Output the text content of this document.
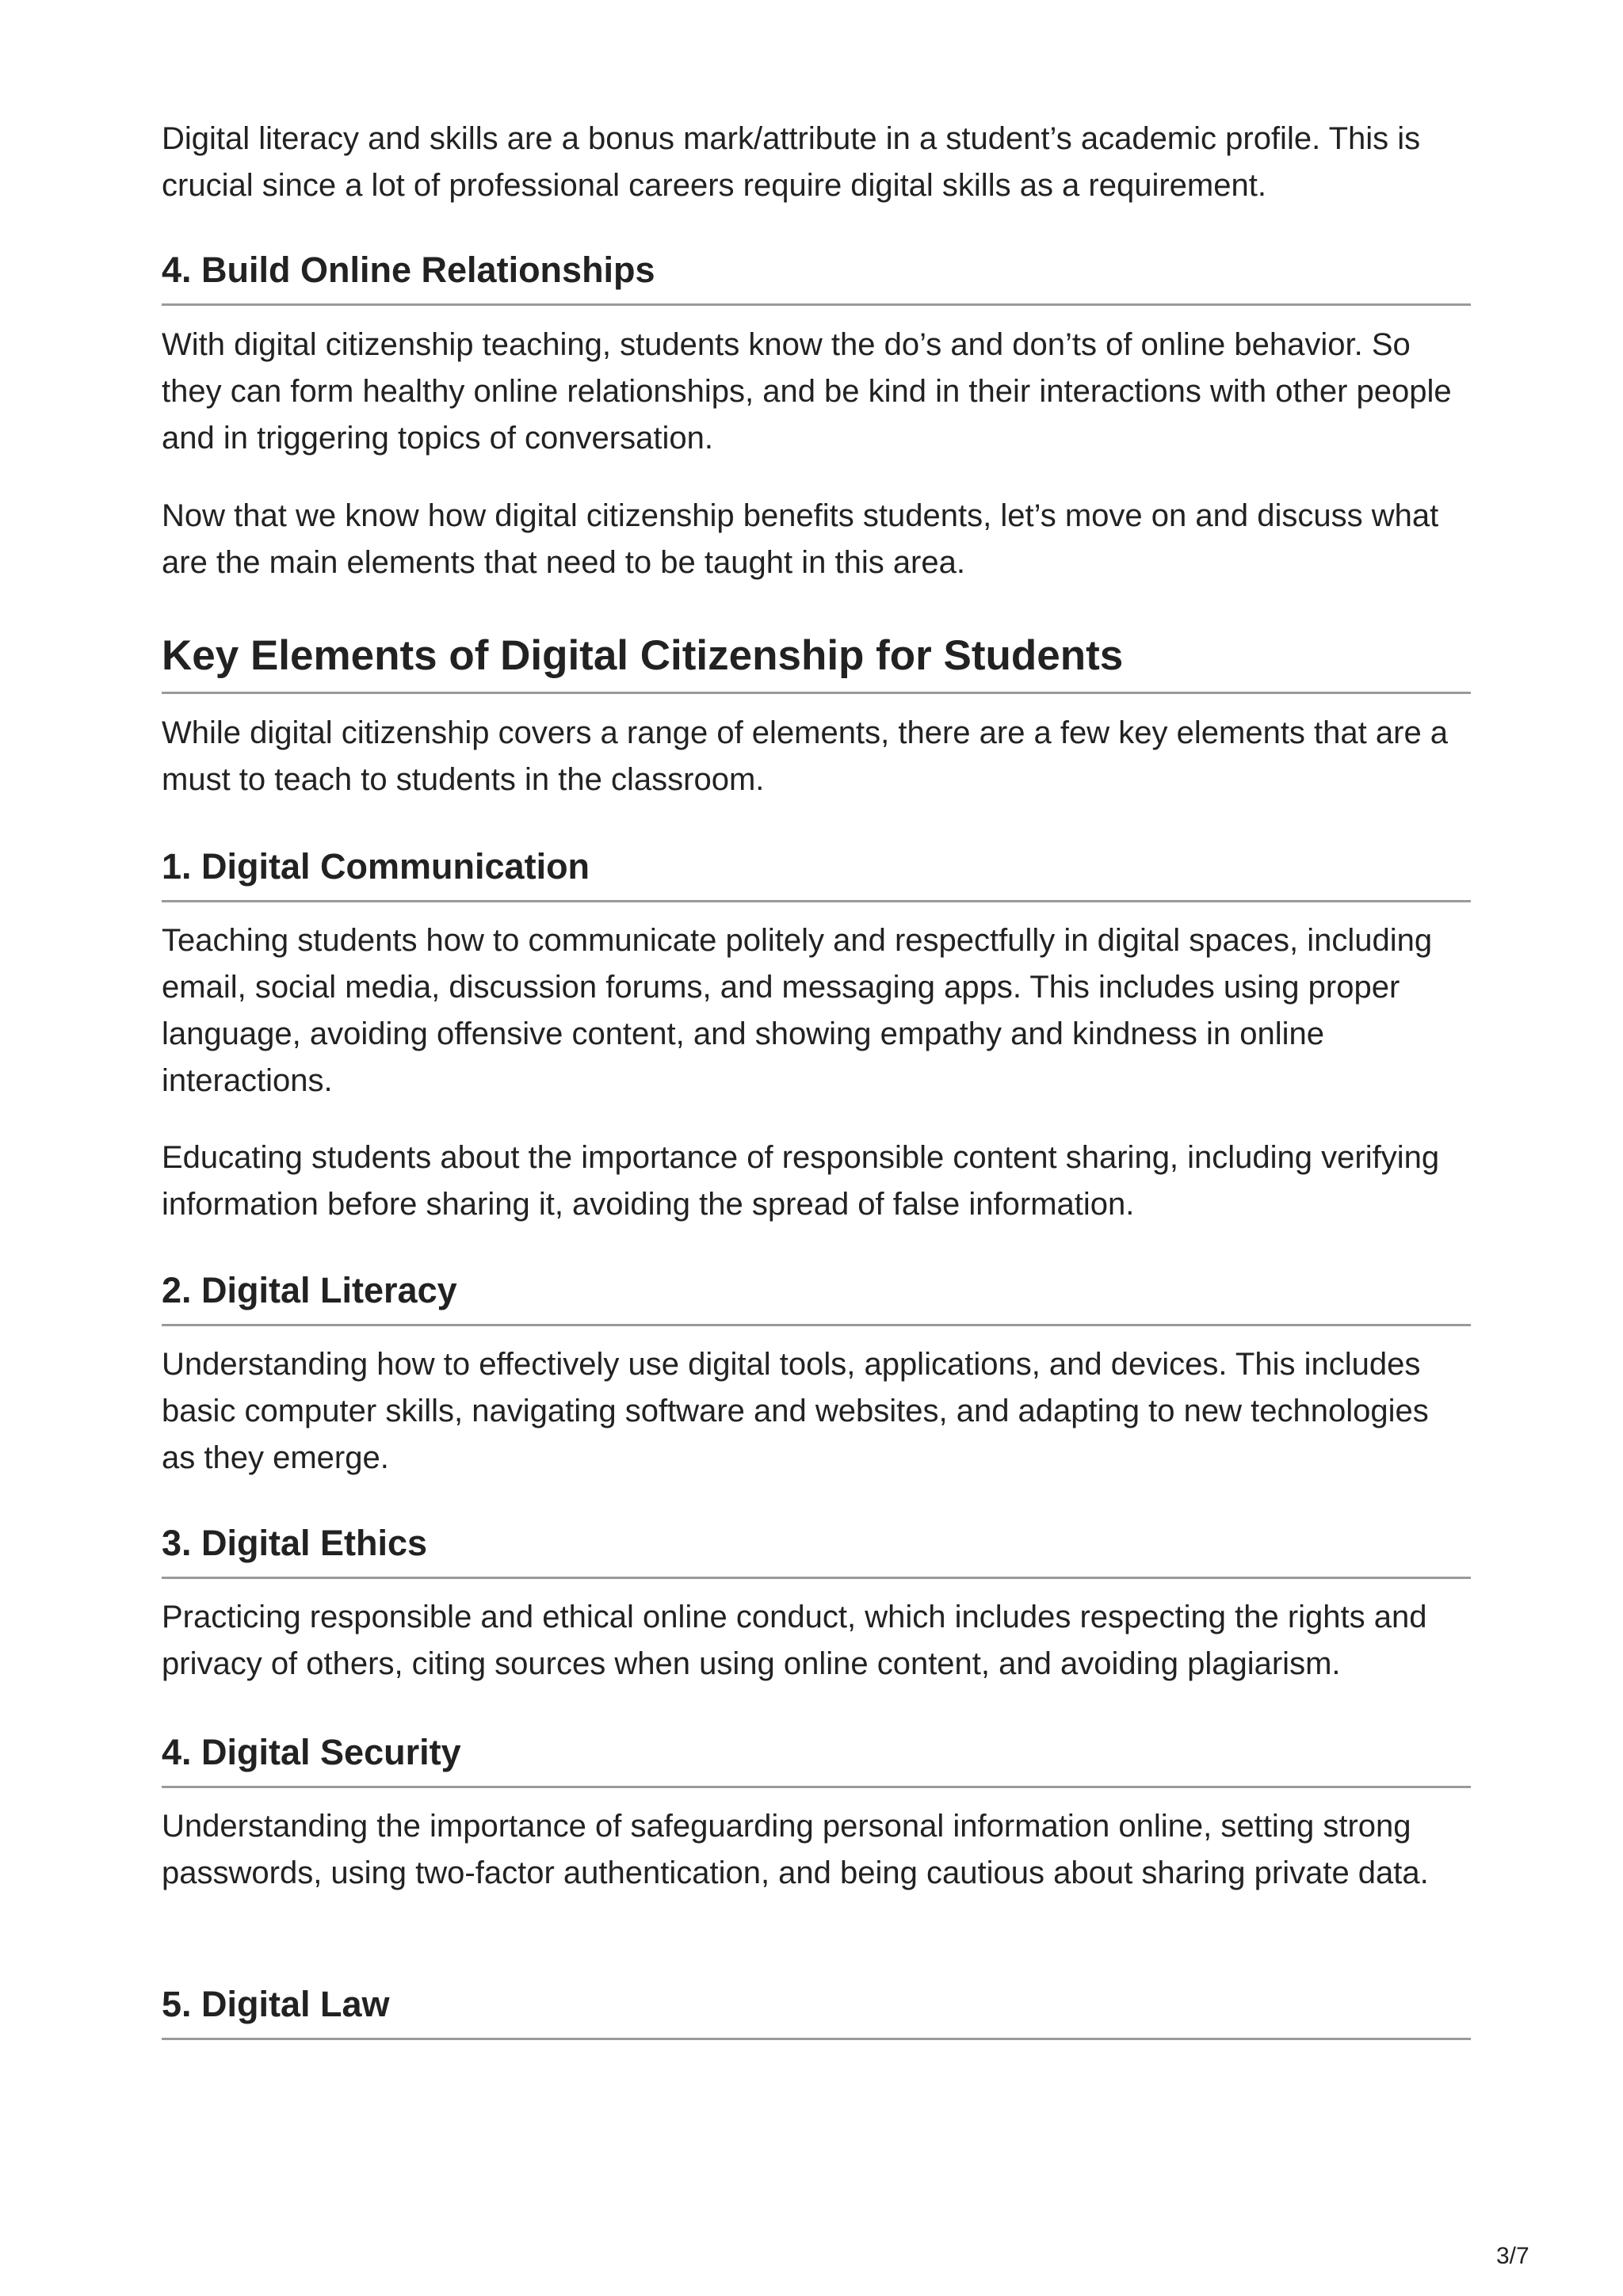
Digital literacy and skills are a bonus mark/attribute in a student’s academic profile. This is crucial since a lot of professional careers require digital skills as a requirement.

4. Build Online Relationships

With digital citizenship teaching, students know the do’s and don’ts of online behavior. So they can form healthy online relationships, and be kind in their interactions with other people and in triggering topics of conversation.

Now that we know how digital citizenship benefits students, let’s move on and discuss what are the main elements that need to be taught in this area.

Key Elements of Digital Citizenship for Students

While digital citizenship covers a range of elements, there are a few key elements that are a must to teach to students in the classroom.

1. Digital Communication

Teaching students how to communicate politely and respectfully in digital spaces, including email, social media, discussion forums, and messaging apps. This includes using proper language, avoiding offensive content, and showing empathy and kindness in online interactions.

Educating students about the importance of responsible content sharing, including verifying information before sharing it, avoiding the spread of false information.

2. Digital Literacy

Understanding how to effectively use digital tools, applications, and devices. This includes basic computer skills, navigating software and websites, and adapting to new technologies as they emerge.

3. Digital Ethics

Practicing responsible and ethical online conduct, which includes respecting the rights and privacy of others, citing sources when using online content, and avoiding plagiarism.

4. Digital Security

Understanding the importance of safeguarding personal information online, setting strong passwords, using two-factor authentication, and being cautious about sharing private data.

5. Digital Law
3/7
